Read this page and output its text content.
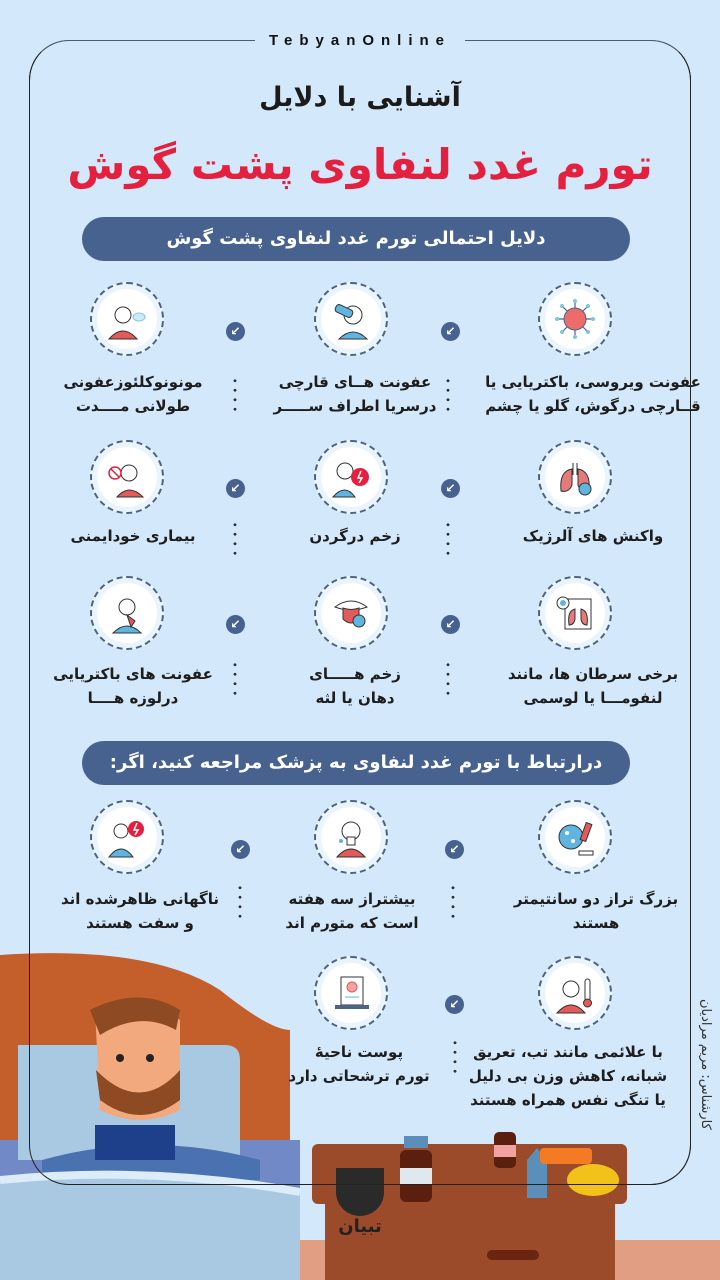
TebyanOnline
آشنایی با دلایل
تورم غدد لنفاوی پشت گوش
دلایل احتمالی تورم غدد لنفاوی پشت گوش
↙
↙
عفونت ویروسی، باکتریایی یا
قــارچی درگوش، گلو یا چشم
عفونت هــای قارچی
درسریا اطراف ســـــر
مونونوکلئوزعفونی
طولانی مــــدت
↙
↙
واکنش های آلرژیک
زخم درگردن
بیماری خودایمنی
↙
↙
برخی سرطان ها، مانند
لنفومـــا یا لوسمی
زخم هـــــای
دهان یا لثه
عفونت های باکتریایی
درلوزه هــــا
درارتباط با تورم غدد لنفاوی به پزشک مراجعه کنید، اگر:
↙
↙
بزرگ تراز دو سانتیمتر
هستند
بیشتراز سه هفته
است که متورم اند
ناگهانی ظاهرشده اند
و سفت هستند
تبیان
↙
با علائمی مانند تب، تعریق
شبانه، کاهش وزن بی دلیل
یا تنگی نفس همراه هستند
پوست ناحیهٔ
تورم ترشحاتی دارد	کارشناس: مریم مرادیان
